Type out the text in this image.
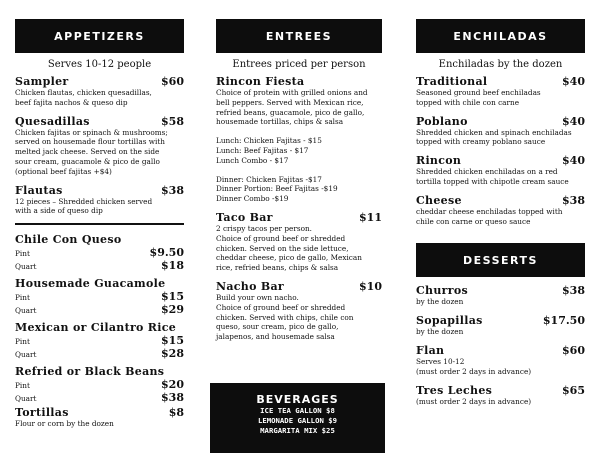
APPETIZERS
Serves 10-12 people
Sampler	$60
Chicken flautas, chicken quesadillas,
beef fajita nachos & queso dip
Quesadillas	$58
Chicken fajitas or spinach & mushrooms;
served on housemade flour tortillas with
melted jack cheese. Served on the side
sour cream, guacamole & pico de gallo
(optional beef fajitas +$4)
Flautas	$38
12 pieces – Shredded chicken served
with a side of queso dip
Chile Con Queso
Pint	$9.50
Quart	$18
Housemade Guacamole
Pint	$15
Quart	$29
Mexican or Cilantro Rice
Pint	$15
Quart	$28
Refried or Black Beans
Pint	$20
Quart	$38
Tortillas	$8
Flour or corn by the dozen
ENTREES
Entrees priced per person
Rincon Fiesta
Choice of protein with grilled onions and
bell peppers. Served with Mexican rice,
refried beans, guacamole, pico de gallo,
housemade tortillas, chips & salsa
Lunch: Chicken Fajitas - $15
Lunch: Beef Fajitas - $17
Lunch Combo - $17
Dinner: Chicken Fajitas -$17
Dinner Portion: Beef Fajitas -$19
Dinner Combo -$19
Taco Bar	$11
2 crispy tacos per person.
Choice of ground beef or shredded
chicken. Served on the side lettuce,
cheddar cheese, pico de gallo, Mexican
rice, refried beans, chips & salsa
Nacho Bar	$10
Build your own nacho.
Choice of ground beef or shredded
chicken. Served with chips, chile con
queso, sour cream, pico de gallo,
jalapenos, and housemade salsa
BEVERAGES
ICE TEA GALLON $8
LEMONADE GALLON $9
MARGARITA MIX $25
ENCHILADAS
Enchiladas by the dozen
Traditional	$40
Seasoned ground beef enchiladas
topped with chile con carne
Poblano	$40
Shredded chicken and spinach enchiladas
topped with creamy poblano sauce
Rincon	$40
Shredded chicken enchiladas on a red
tortilla topped with chipotle cream sauce
Cheese	$38
cheddar cheese enchiladas topped with
chile con carne or queso sauce
DESSERTS
Churros	$38
by the dozen
Sopapillas	$17.50
by the dozen
Flan	$60
Serves 10-12
(must order 2 days in advance)
Tres Leches	$65
(must order 2 days in advance)
